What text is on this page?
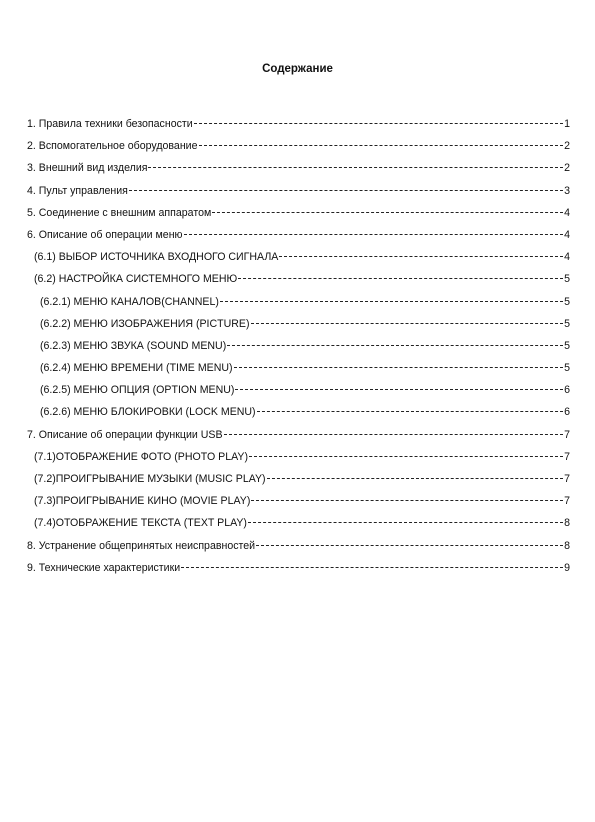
Содержание
1. Правила техники безопасности	1
2. Вспомогательное оборудование	2
3. Внешний вид изделия	2
4. Пульт управления	3
5. Соединение с внешним аппаратом	4
6. Описание об операции меню	4
(6.1) ВЫБОР ИСТОЧНИКА ВХОДНОГО СИГНАЛА	4
(6.2) НАСТРОЙКА СИСТЕМНОГО МЕНЮ	5
(6.2.1) МЕНЮ КАНАЛОВ(CHANNEL)	5
(6.2.2) МЕНЮ ИЗОБРАЖЕНИЯ (PICTURE)	5
(6.2.3) МЕНЮ ЗВУКА (SOUND MENU)	5
(6.2.4) МЕНЮ ВРЕМЕНИ (TIME MENU)	5
(6.2.5) МЕНЮ ОПЦИЯ (OPTION MENU)	6
(6.2.6) МЕНЮ БЛОКИРОВКИ (LOCK MENU)	6
7. Описание об операции функции USB	7
(7.1)ОТОБРАЖЕНИЕ ФОТО (PHOTO PLAY)	7
(7.2)ПРОИГРЫВАНИЕ МУЗЫКИ (MUSIC PLAY)	7
(7.3)ПРОИГРЫВАНИЕ КИНО (MOVIE PLAY)	7
(7.4)ОТОБРАЖЕНИЕ ТЕКСТА (TEXT PLAY)	8
8. Устранение общепринятых неисправностей	8
9. Технические характеристики	9
